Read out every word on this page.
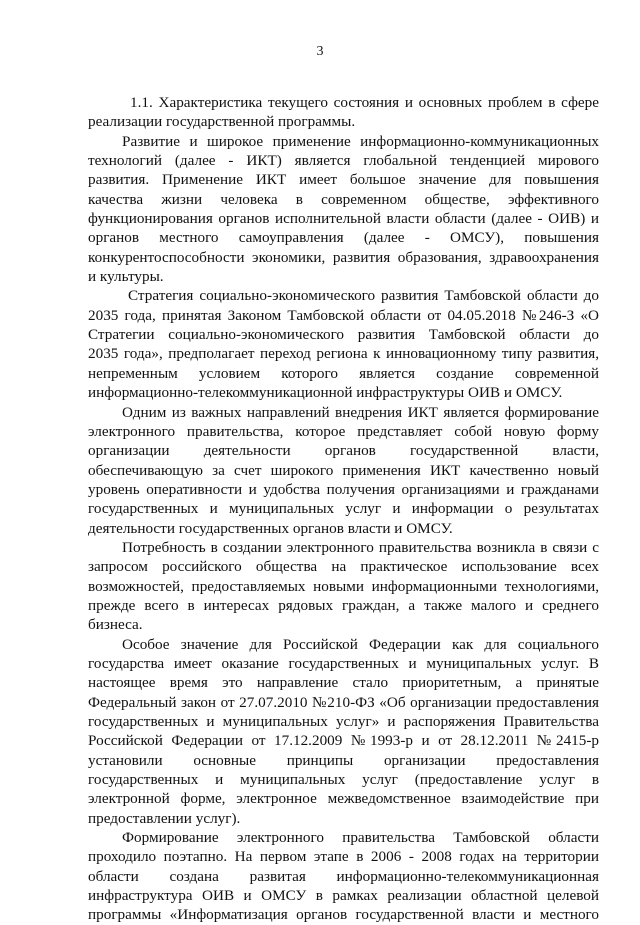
3
1.1. Характеристика текущего состояния и основных проблем в сфере
реализации государственной программы.
Развитие и широкое применение информационно-коммуникационных
технологий (далее - ИКТ) является глобальной тенденцией мирового
развития. Применение ИКТ имеет большое значение для повышения
качества жизни человека в современном обществе, эффективного
функционирования органов исполнительной власти области (далее - ОИВ) и
органов местного самоуправления (далее - ОМСУ), повышения
конкурентоспособности экономики, развития образования, здравоохранения
и культуры.
Стратегия социально-экономического развития Тамбовской области до
2035 года, принятая Законом Тамбовской области от 04.05.2018 №246-З «О
Стратегии социально-экономического развития Тамбовской области до
2035 года», предполагает переход региона к инновационному типу развития,
непременным условием которого является создание современной
информационно-телекоммуникационной инфраструктуры ОИВ и ОМСУ.
Одним из важных направлений внедрения ИКТ является формирование
электронного правительства, которое представляет собой новую форму
организации деятельности органов государственной власти,
обеспечивающую за счет широкого применения ИКТ качественно новый
уровень оперативности и удобства получения организациями и гражданами
государственных и муниципальных услуг и информации о результатах
деятельности государственных органов власти и ОМСУ.
Потребность в создании электронного правительства возникла в связи с
запросом российского общества на практическое использование всех
возможностей, предоставляемых новыми информационными технологиями,
прежде всего в интересах рядовых граждан, а также малого и среднего
бизнеса.
Особое значение для Российской Федерации как для социального
государства имеет оказание государственных и муниципальных услуг. В
настоящее время это направление стало приоритетным, а принятые
Федеральный закон от 27.07.2010 №210-ФЗ «Об организации предоставления
государственных и муниципальных услуг» и распоряжения Правительства
Российской Федерации от 17.12.2009 №1993-р и от 28.12.2011 №2415-р
установили основные принципы организации предоставления
государственных и муниципальных услуг (предоставление услуг в
электронной форме, электронное межведомственное взаимодействие при
предоставлении услуг).
Формирование электронного правительства Тамбовской области
проходило поэтапно. На первом этапе в 2006 - 2008 годах на территории
области создана развитая информационно-телекоммуникационная
инфраструктура ОИВ и ОМСУ в рамках реализации областной целевой
программы «Информатизация органов государственной власти и местного
